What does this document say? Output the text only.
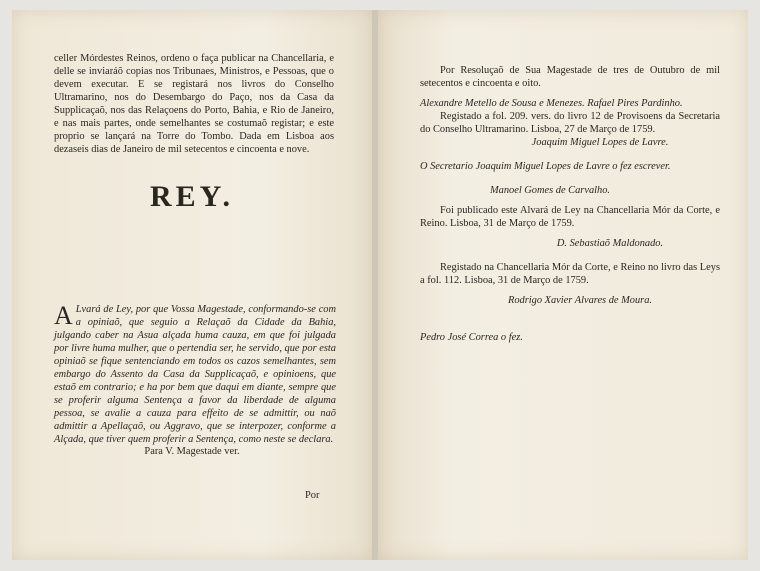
celler Mórdestes Reinos, ordeno o faça publicar na Chancellaria, e delle se inviaráõ copias nos Tribunaes, Ministros, e Pessoas, que o devem executar. E se registará nos livros do Conselho Ultramarino, nos do Desembargo do Paço, nos da Casa da Supplicaçaõ, nos das Relaçoens do Porto, Bahia, e Rio de Janeiro, e nas mais partes, onde semelhantes se costumaõ registar; e este proprio se lançará na Torre do Tombo. Dada em Lisboa aos dezaseis dias de Janeiro de mil setecentos e cincoenta e nove.

REY.
A Lvará de Ley, por que Vossa Magestade, conformando-se com a opiniaõ, que seguio a Relaçaõ da Cidade da Bahia, julgando caber na Asua alçada huma cauza, em que foi julgada por livre huma mulher, que o pertendia ser, he servido, que por esta opiniaõ se fique sentenciando em todos os cazos semelhantes, sem embargo do Assento da Casa da Supplicaçaõ, e opinioens, que estaõ em contrario; e ha por bem que daqui em diante, sempre que se proferir alguma Sentença a favor da liberdade de alguma pessoa, se avalie a cauza para effeito de se admittir, ou naõ admittir a Apellaçaõ, ou Aggravo, que se interpozer, conforme a Alçada, que tiver quem proferir a Sentença, como neste se declara.
Para V. Magestade ver.
Por

Por Resoluçaõ de Sua Magestade de tres de Outubro de mil setecentos e cincoenta e oito.

Alexandre Metello de Sousa e Menezes. Rafael Pires Pardinho.

Registado a fol. 209. vers. do livro 12 de Provisoens da Secretaria do Conselho Ultramarino. Lisboa, 27 de Março de 1759.

Joaquim Miguel Lopes de Lavre.

O Secretario Joaquim Miguel Lopes de Lavre o fez escrever.

Manoel Gomes de Carvalho.

Foi publicado este Alvará de Ley na Chancellaria Mór da Corte, e Reino. Lisboa, 31 de Março de 1759.

D. Sebastiaõ Maldonado.

Registado na Chancellaria Mór da Corte, e Reino no livro das Leys a fol. 112. Lisboa, 31 de Março de 1759.

Rodrigo Xavier Alvares de Moura.

Pedro José Correa o fez.
